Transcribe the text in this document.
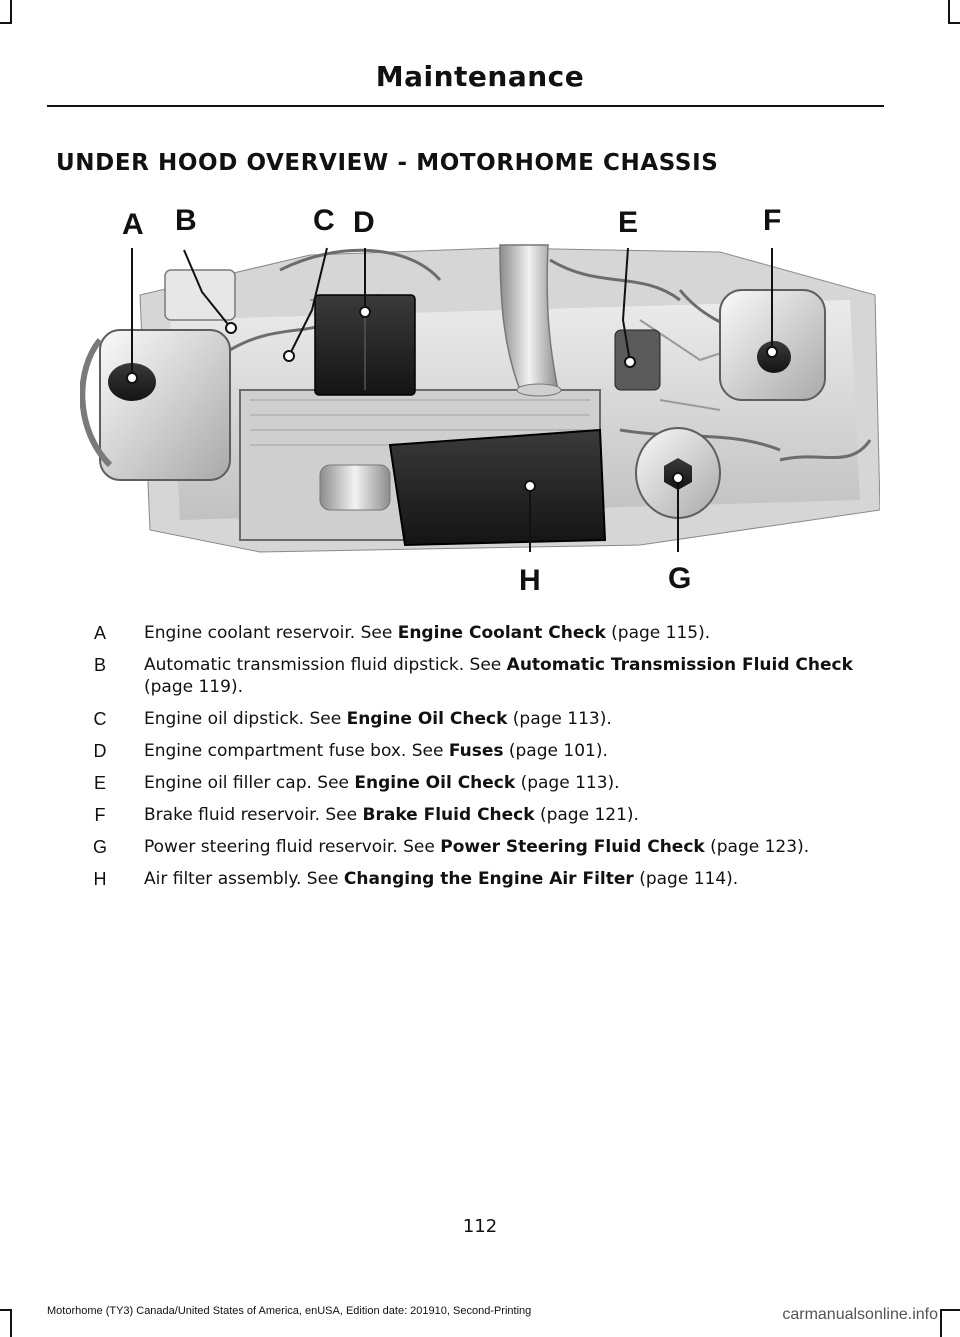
Maintenance
UNDER HOOD OVERVIEW - MOTORHOME CHASSIS
A B	C D	E	F
G
H
A	Engine coolant reservoir. See Engine Coolant Check (page 115).
B	Automatic transmission fluid dipstick. See Automatic Transmission Fluid Check (page 119).
C	Engine oil dipstick. See Engine Oil Check (page 113).
D	Engine compartment fuse box. See Fuses (page 101).
E	Engine oil filler cap. See Engine Oil Check (page 113).
F	Brake fluid reservoir. See Brake Fluid Check (page 121).
G	Power steering fluid reservoir. See Power Steering Fluid Check (page 123).
H	Air filter assembly. See Changing the Engine Air Filter (page 114).
112
Motorhome (TY3) Canada/United States of America, enUSA, Edition date: 201910, Second-Printing	carmanualsonline.info
